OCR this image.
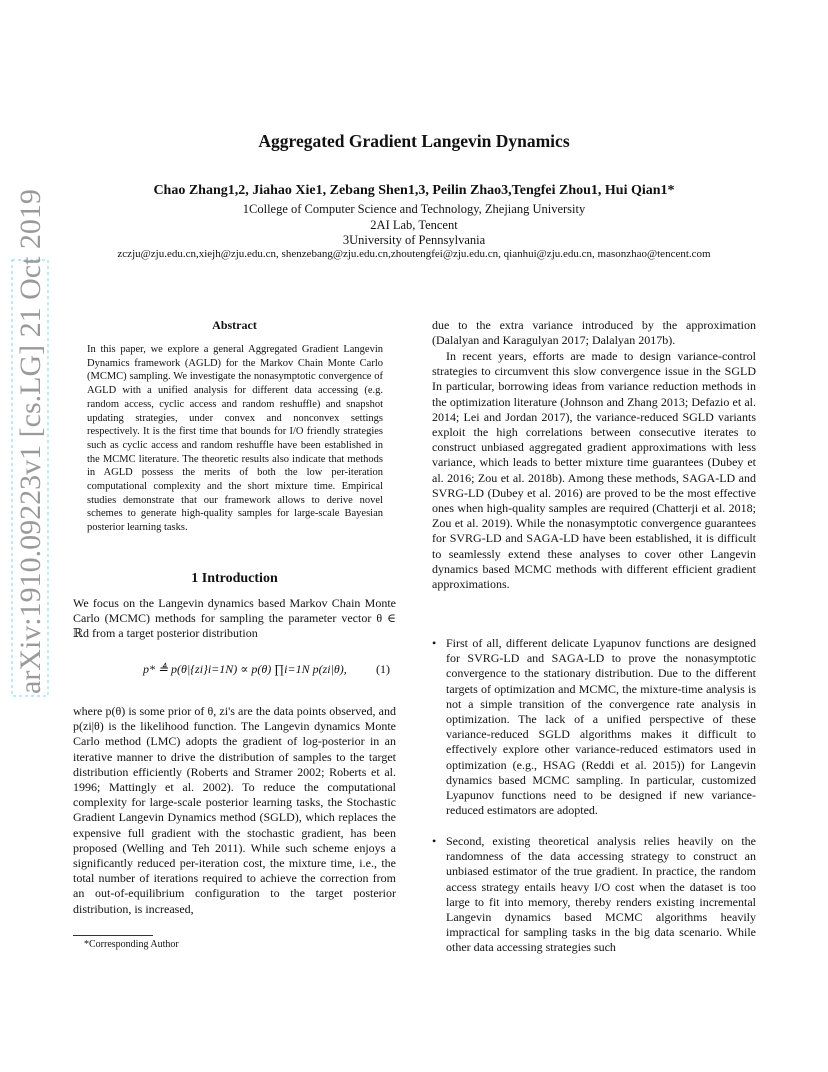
Aggregated Gradient Langevin Dynamics
Chao Zhang1,2, Jiahao Xie1, Zebang Shen1,3, Peilin Zhao3,Tengfei Zhou1, Hui Qian1*
1College of Computer Science and Technology, Zhejiang University
2AI Lab, Tencent
3University of Pennsylvania
zczju@zju.edu.cn,xiejh@zju.edu.cn, shenzebang@zju.edu.cn,zhoutengfei@zju.edu.cn, qianhui@zju.edu.cn, masonzhao@tencent.com
arXiv:1910.09223v1 [cs.LG] 21 Oct 2019	Abstract
In this paper, we explore a general Aggregated Gradient Langevin Dynamics framework (AGLD) for the Markov Chain Monte Carlo (MCMC) sampling. We investigate the nonasymptotic convergence of AGLD with a unified analysis for different data accessing (e.g. random access, cyclic access and random reshuffle) and snapshot updating strategies, under convex and nonconvex settings respectively. It is the first time that bounds for I/O friendly strategies such as cyclic access and random reshuffle have been established in the MCMC literature. The theoretic results also indicate that methods in AGLD possess the merits of both the low per-iteration computational complexity and the short mixture time. Empirical studies demonstrate that our framework allows to derive novel schemes to generate high-quality samples for large-scale Bayesian posterior learning tasks.
1 Introduction
We focus on the Langevin dynamics based Markov Chain Monte Carlo (MCMC) methods for sampling the parameter vector θ ∈ ℝd from a target posterior distribution
p* ≜ p(θ|{zi}i=1N) ∝ p(θ) ∏i=1N p(zi|θ), (1)
where p(θ) is some prior of θ, zi's are the data points observed, and p(zi|θ) is the likelihood function. The Langevin dynamics Monte Carlo method (LMC) adopts the gradient of log-posterior in an iterative manner to drive the distribution of samples to the target distribution efficiently (Roberts and Stramer 2002; Roberts et al. 1996; Mattingly et al. 2002). To reduce the computational complexity for large-scale posterior learning tasks, the Stochastic Gradient Langevin Dynamics method (SGLD), which replaces the expensive full gradient with the stochastic gradient, has been proposed (Welling and Teh 2011). While such scheme enjoys a significantly reduced per-iteration cost, the mixture time, i.e., the total number of iterations required to achieve the correction from an out-of-equilibrium configuration to the target posterior distribution, is increased,
*Corresponding Author
due to the extra variance introduced by the approximation (Dalalyan and Karagulyan 2017; Dalalyan 2017b).
In recent years, efforts are made to design variance-control strategies to circumvent this slow convergence issue in the SGLD In particular, borrowing ideas from variance reduction methods in the optimization literature (Johnson and Zhang 2013; Defazio et al. 2014; Lei and Jordan 2017), the variance-reduced SGLD variants exploit the high correlations between consecutive iterates to construct unbiased aggregated gradient approximations with less variance, which leads to better mixture time guarantees (Dubey et al. 2016; Zou et al. 2018b). Among these methods, SAGA-LD and SVRG-LD (Dubey et al. 2016) are proved to be the most effective ones when high-quality samples are required (Chatterji et al. 2018; Zou et al. 2019). While the nonasymptotic convergence guarantees for SVRG-LD and SAGA-LD have been established, it is difficult to seamlessly extend these analyses to cover other Langevin dynamics based MCMC methods with different efficient gradient approximations.
• First of all, different delicate Lyapunov functions are designed for SVRG-LD and SAGA-LD to prove the nonasymptotic convergence to the stationary distribution. Due to the different targets of optimization and MCMC, the mixture-time analysis is not a simple transition of the convergence rate analysis in optimization. The lack of a unified perspective of these variance-reduced SGLD algorithms makes it difficult to effectively explore other variance-reduced estimators used in optimization (e.g., HSAG (Reddi et al. 2015)) for Langevin dynamics based MCMC sampling. In particular, customized Lyapunov functions need to be designed if new variance-reduced estimators are adopted.
• Second, existing theoretical analysis relies heavily on the randomness of the data accessing strategy to construct an unbiased estimator of the true gradient. In practice, the random access strategy entails heavy I/O cost when the dataset is too large to fit into memory, thereby renders existing incremental Langevin dynamics based MCMC algorithms heavily impractical for sampling tasks in the big data scenario. While other data accessing strategies such
